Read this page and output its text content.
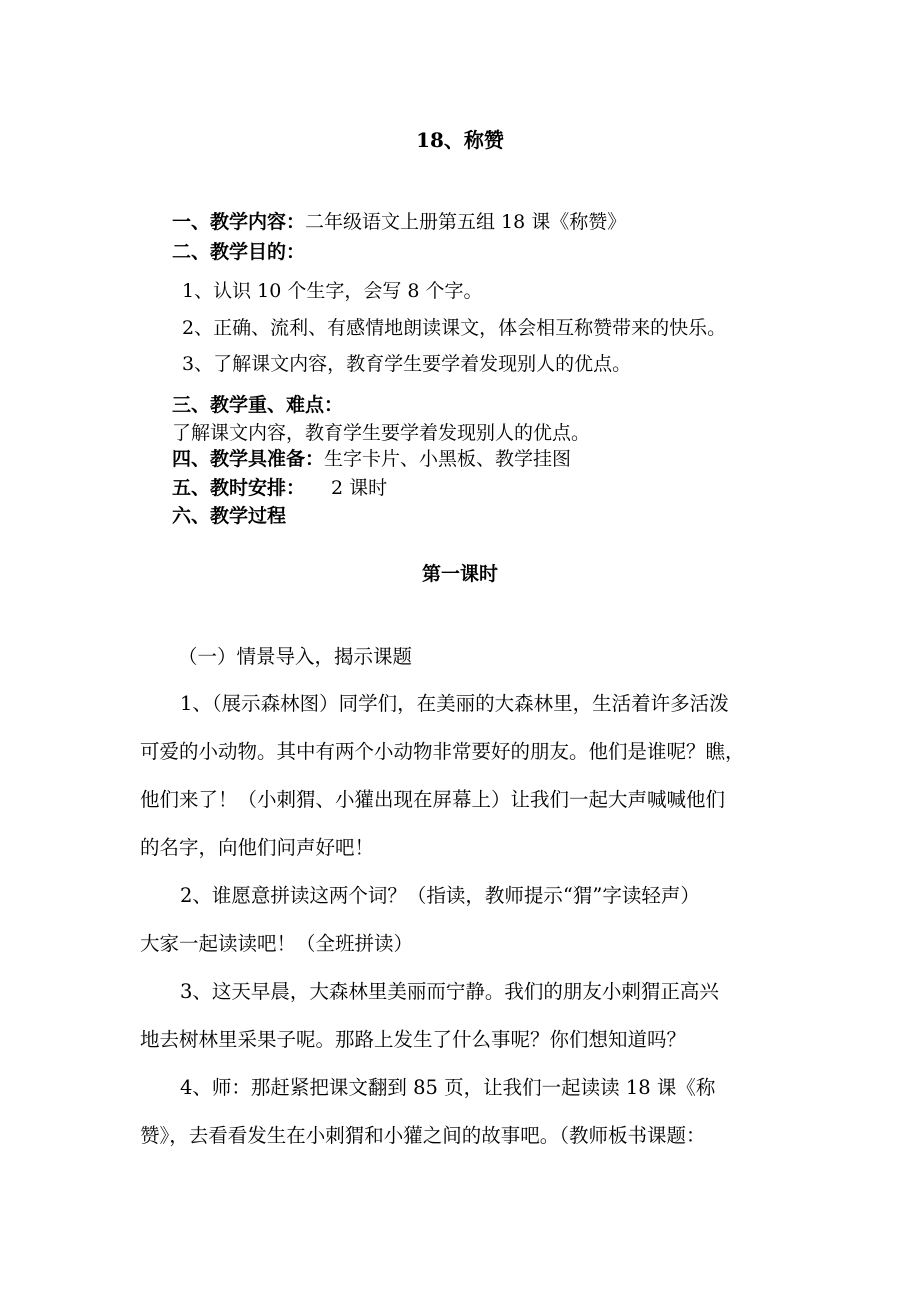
18、称赞
一、教学内容：二年级语文上册第五组 18 课《称赞》
二、教学目的：
1、认识 10 个生字，会写 8 个字。
2、正确、流利、有感情地朗读课文，体会相互称赞带来的快乐。
3、了解课文内容，教育学生要学着发现别人的优点。
三、教学重、难点：
了解课文内容，教育学生要学着发现别人的优点。
四、教学具准备：生字卡片、小黑板、教学挂图
五、教时安排： 2 课时
六、教学过程
第一课时
（一）情景导入，揭示课题
1、（展示森林图）同学们，在美丽的大森林里，生活着许多活泼
可爱的小动物。其中有两个小动物非常要好的朋友。他们是谁呢？瞧，
他们来了！（小刺猬、小獾出现在屏幕上）让我们一起大声喊喊他们
的名字，向他们问声好吧！
2、谁愿意拼读这两个词？（指读，教师提示“猬”字读轻声）
大家一起读读吧！（全班拼读）
3、这天早晨，大森林里美丽而宁静。我们的朋友小刺猬正高兴
地去树林里采果子呢。那路上发生了什么事呢？你们想知道吗？
4、师：那赶紧把课文翻到 85 页，让我们一起读读 18 课《称
赞》，去看看发生在小刺猬和小獾之间的故事吧。（教师板书课题：
